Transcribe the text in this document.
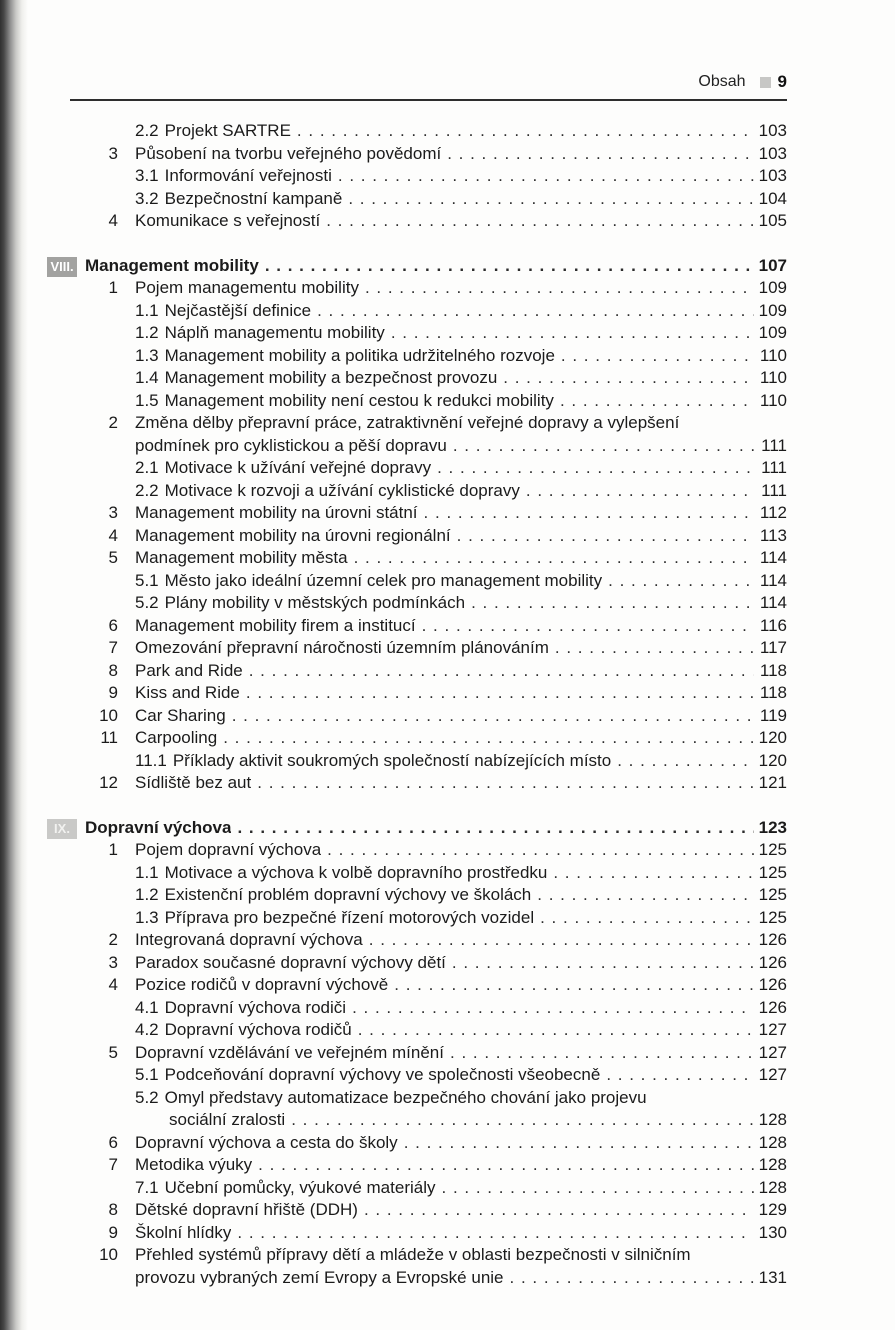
Obsah 9
2.2 Projekt SARTRE . . .	103
3 Působení na tvorbu veřejného povědomí . . .	103
3.1 Informování veřejnosti . . .	103
3.2 Bezpečnostní kampaně . . .	104
4 Komunikace s veřejností . . .	105
VIII. Management mobility . . .	107
1 Pojem managementu mobility . . .	109
1.1 Nejčastější definice . . .	109
1.2 Náplň managementu mobility . . .	109
1.3 Management mobility a politika udržitelného rozvoje . . .	110
1.4 Management mobility a bezpečnost provozu . . .	110
1.5 Management mobility není cestou k redukci mobility . . .	110
2 Změna dělby přepravní práce, zatraktivnění veřejné dopravy a vylepšení
podmínek pro cyklistickou a pěší dopravu . . .	111
2.1 Motivace k užívání veřejné dopravy . . .	111
2.2 Motivace k rozvoji a užívání cyklistické dopravy . . .	111
3 Management mobility na úrovni státní . . .	112
4 Management mobility na úrovni regionální . . .	113
5 Management mobility města . . .	114
5.1 Město jako ideální územní celek pro management mobility . . .	114
5.2 Plány mobility v městských podmínkách . . .	114
6 Management mobility firem a institucí . . .	116
7 Omezování přepravní náročnosti územním plánováním . . .	117
8 Park and Ride . . .	118
9 Kiss and Ride . . .	118
10 Car Sharing . . .	119
11 Carpooling . . .	120
11.1 Příklady aktivit soukromých společností nabízejících místo . . .	120
12 Sídliště bez aut . . .	121
IX. Dopravní výchova . . .	123
1 Pojem dopravní výchova . . .	125
1.1 Motivace a výchova k volbě dopravního prostředku . . .	125
1.2 Existenční problém dopravní výchovy ve školách . . .	125
1.3 Příprava pro bezpečné řízení motorových vozidel . . .	125
2 Integrovaná dopravní výchova . . .	126
3 Paradox současné dopravní výchovy dětí . . .	126
4 Pozice rodičů v dopravní výchově . . .	126
4.1 Dopravní výchova rodiči . . .	126
4.2 Dopravní výchova rodičů . . .	127
5 Dopravní vzdělávání ve veřejném mínění . . .	127
5.1 Podceňování dopravní výchovy ve společnosti všeobecně . . .	127
5.2 Omyl představy automatizace bezpečného chování jako projevu
sociální zralosti . . .	128
6 Dopravní výchova a cesta do školy . . .	128
7 Metodika výuky . . .	128
7.1 Učební pomůcky, výukové materiály . . .	128
8 Dětské dopravní hřiště (DDH) . . .	129
9 Školní hlídky . . .	130
10 Přehled systémů přípravy dětí a mládeže v oblasti bezpečnosti v silničním
provozu vybraných zemí Evropy a Evropské unie . . .	131
